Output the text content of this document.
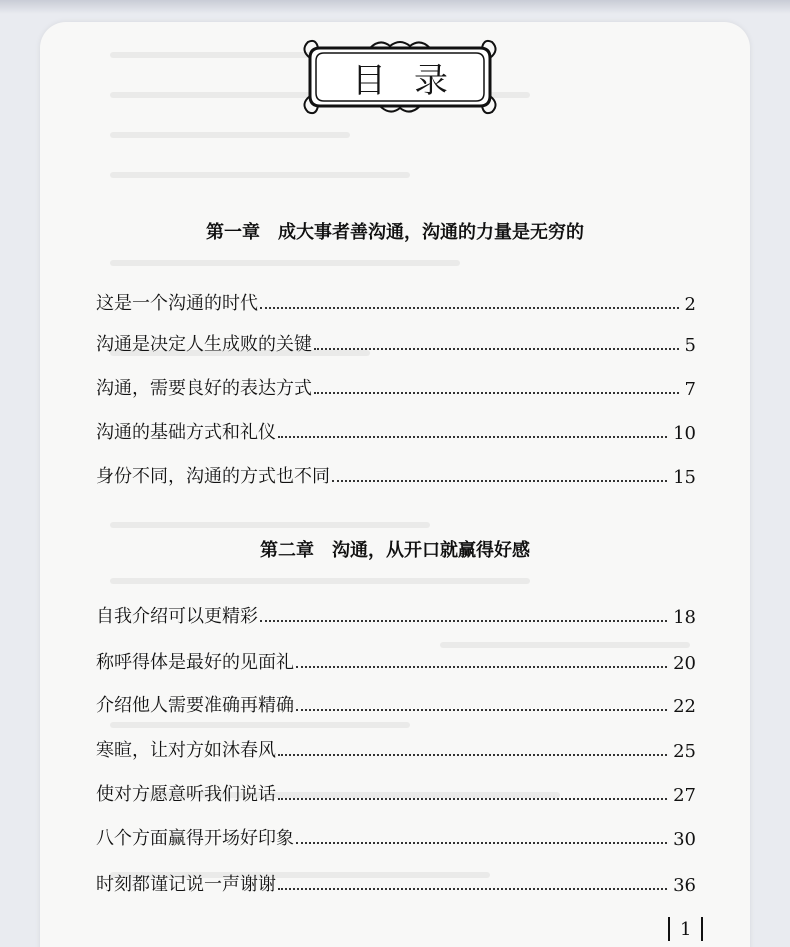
目录
第一章　成大事者善沟通，沟通的力量是无穷的
这是一个沟通的时代	2
沟通是决定人生成败的关键	5
沟通，需要良好的表达方式	7
沟通的基础方式和礼仪	10
身份不同，沟通的方式也不同	15
第二章　沟通，从开口就赢得好感
自我介绍可以更精彩	18
称呼得体是最好的见面礼	20
介绍他人需要准确再精确	22
寒暄，让对方如沐春风	25
使对方愿意听我们说话	27
八个方面赢得开场好印象	30
时刻都谨记说一声谢谢	36
1
